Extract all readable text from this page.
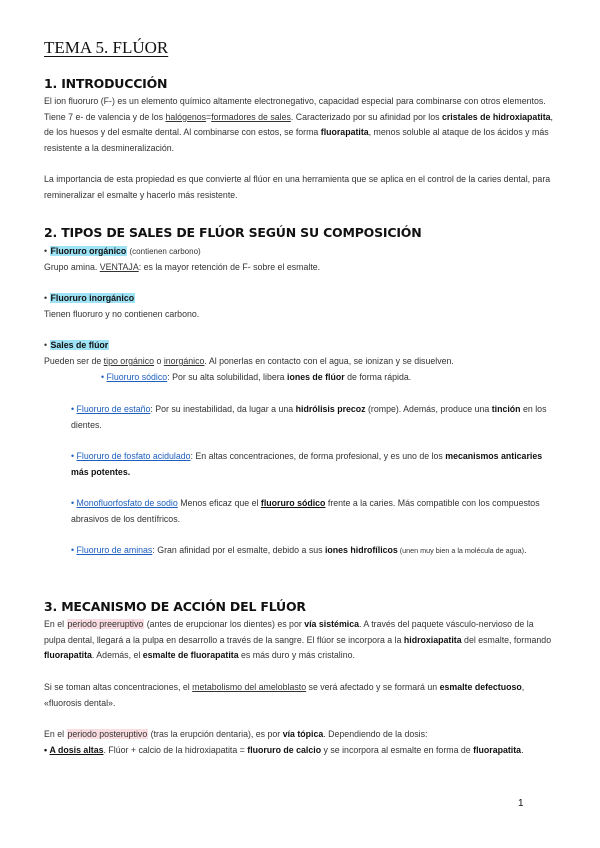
TEMA 5. FLÚOR
1. INTRODUCCIÓN
El ion fluoruro (F-) es un elemento químico altamente electronegativo, capacidad especial para combinarse con otros elementos. Tiene 7 e- de valencia y de los halógenos=formadores de sales. Caracterizado por su afinidad por los cristales de hidroxiapatita, de los huesos y del esmalte dental. Al combinarse con estos, se forma fluorapatita, menos soluble al ataque de los ácidos y más resistente a la desmineralización.
La importancia de esta propiedad es que convierte al flúor en una herramienta que se aplica en el control de la caries dental, para remineralizar el esmalte y hacerlo más resistente.
2. TIPOS DE SALES DE FLÚOR SEGÚN SU COMPOSICIÓN
• Fluoruro orgánico (contienen carbono)
Grupo amina. VENTAJA: es la mayor retención de F- sobre el esmalte.
• Fluoruro inorgánico
Tienen fluoruro y no contienen carbono.
• Sales de flúor
Pueden ser de tipo orgánico o inorgánico. Al ponerlas en contacto con el agua, se ionizan y se disuelven.
• Fluoruro sódico: Por su alta solubilidad, libera iones de flúor de forma rápida.
• Fluoruro de estaño: Por su inestabilidad, da lugar a una hidrólisis precoz (rompe). Además, produce una tinción en los dientes.
• Fluoruro de fosfato acidulado: En altas concentraciones, de forma profesional, y es uno de los mecanismos anticaries más potentes.
• Monofluorfosfato de sodio Menos eficaz que el fluoruro sódico frente a la caries. Más compatible con los compuestos abrasivos de los dentífricos.
• Fluoruro de aminas: Gran afinidad por el esmalte, debido a sus iones hidrofílicos (unen muy bien a la molécula de agua).
3. MECANISMO DE ACCIÓN DEL FLÚOR
En el periodo preeruptivo (antes de erupcionar los dientes) es por vía sistémica. A través del paquete vásculo-nervioso de la pulpa dental, llegará a la pulpa en desarrollo a través de la sangre. El flúor se incorpora a la hidroxiapatita del esmalte, formando fluorapatita. Además, el esmalte de fluorapatita es más duro y más cristalino.
Si se toman altas concentraciones, el metabolismo del ameloblasto se verá afectado y se formará un esmalte defectuoso, «fluorosis dental».
En el periodo posteruptivo (tras la erupción dentaria), es por vía tópica. Dependiendo de la dosis:
• A dosis altas. Flúor + calcio de la hidroxiapatita = fluoruro de calcio y se incorpora al esmalte en forma de fluorapatita.
1
